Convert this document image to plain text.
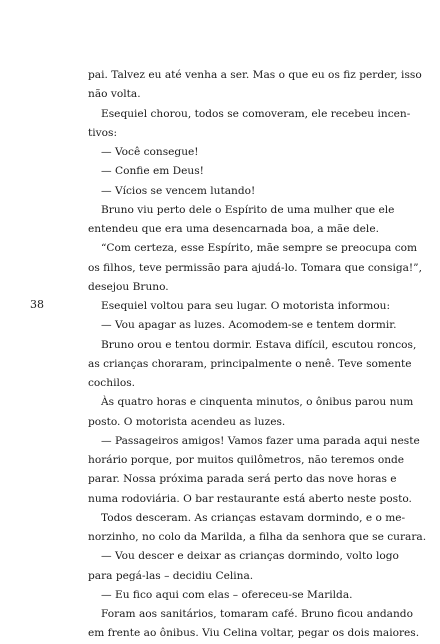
38
pai. Talvez eu até venha a ser. Mas o que eu os fiz perder, isso
não volta.
Esequiel chorou, todos se comoveram, ele recebeu incen-
tivos:
— Você consegue!
— Confie em Deus!
— Vícios se vencem lutando!
Bruno viu perto dele o Espírito de uma mulher que ele
entendeu que era uma desencarnada boa, a mãe dele.
“Com certeza, esse Espírito, mãe sempre se preocupa com
os filhos, teve permissão para ajudá-lo. Tomara que consiga!”,
desejou Bruno.
Esequiel voltou para seu lugar. O motorista informou:
— Vou apagar as luzes. Acomodem-se e tentem dormir.
Bruno orou e tentou dormir. Estava difícil, escutou roncos,
as crianças choraram, principalmente o nenê. Teve somente
cochilos.
Às quatro horas e cinquenta minutos, o ônibus parou num
posto. O motorista acendeu as luzes.
— Passageiros amigos! Vamos fazer uma parada aqui neste
horário porque, por muitos quilômetros, não teremos onde
parar. Nossa próxima parada será perto das nove horas e
numa rodoviária. O bar restaurante está aberto neste posto.
Todos desceram. As crianças estavam dormindo, e o me-
norzinho, no colo da Marilda, a filha da senhora que se curara.
— Vou descer e deixar as crianças dormindo, volto logo
para pegá-las – decidiu Celina.
— Eu fico aqui com elas – ofereceu-se Marilda.
Foram aos sanitários, tomaram café. Bruno ficou andando
em frente ao ônibus. Viu Celina voltar, pegar os dois maiores.
